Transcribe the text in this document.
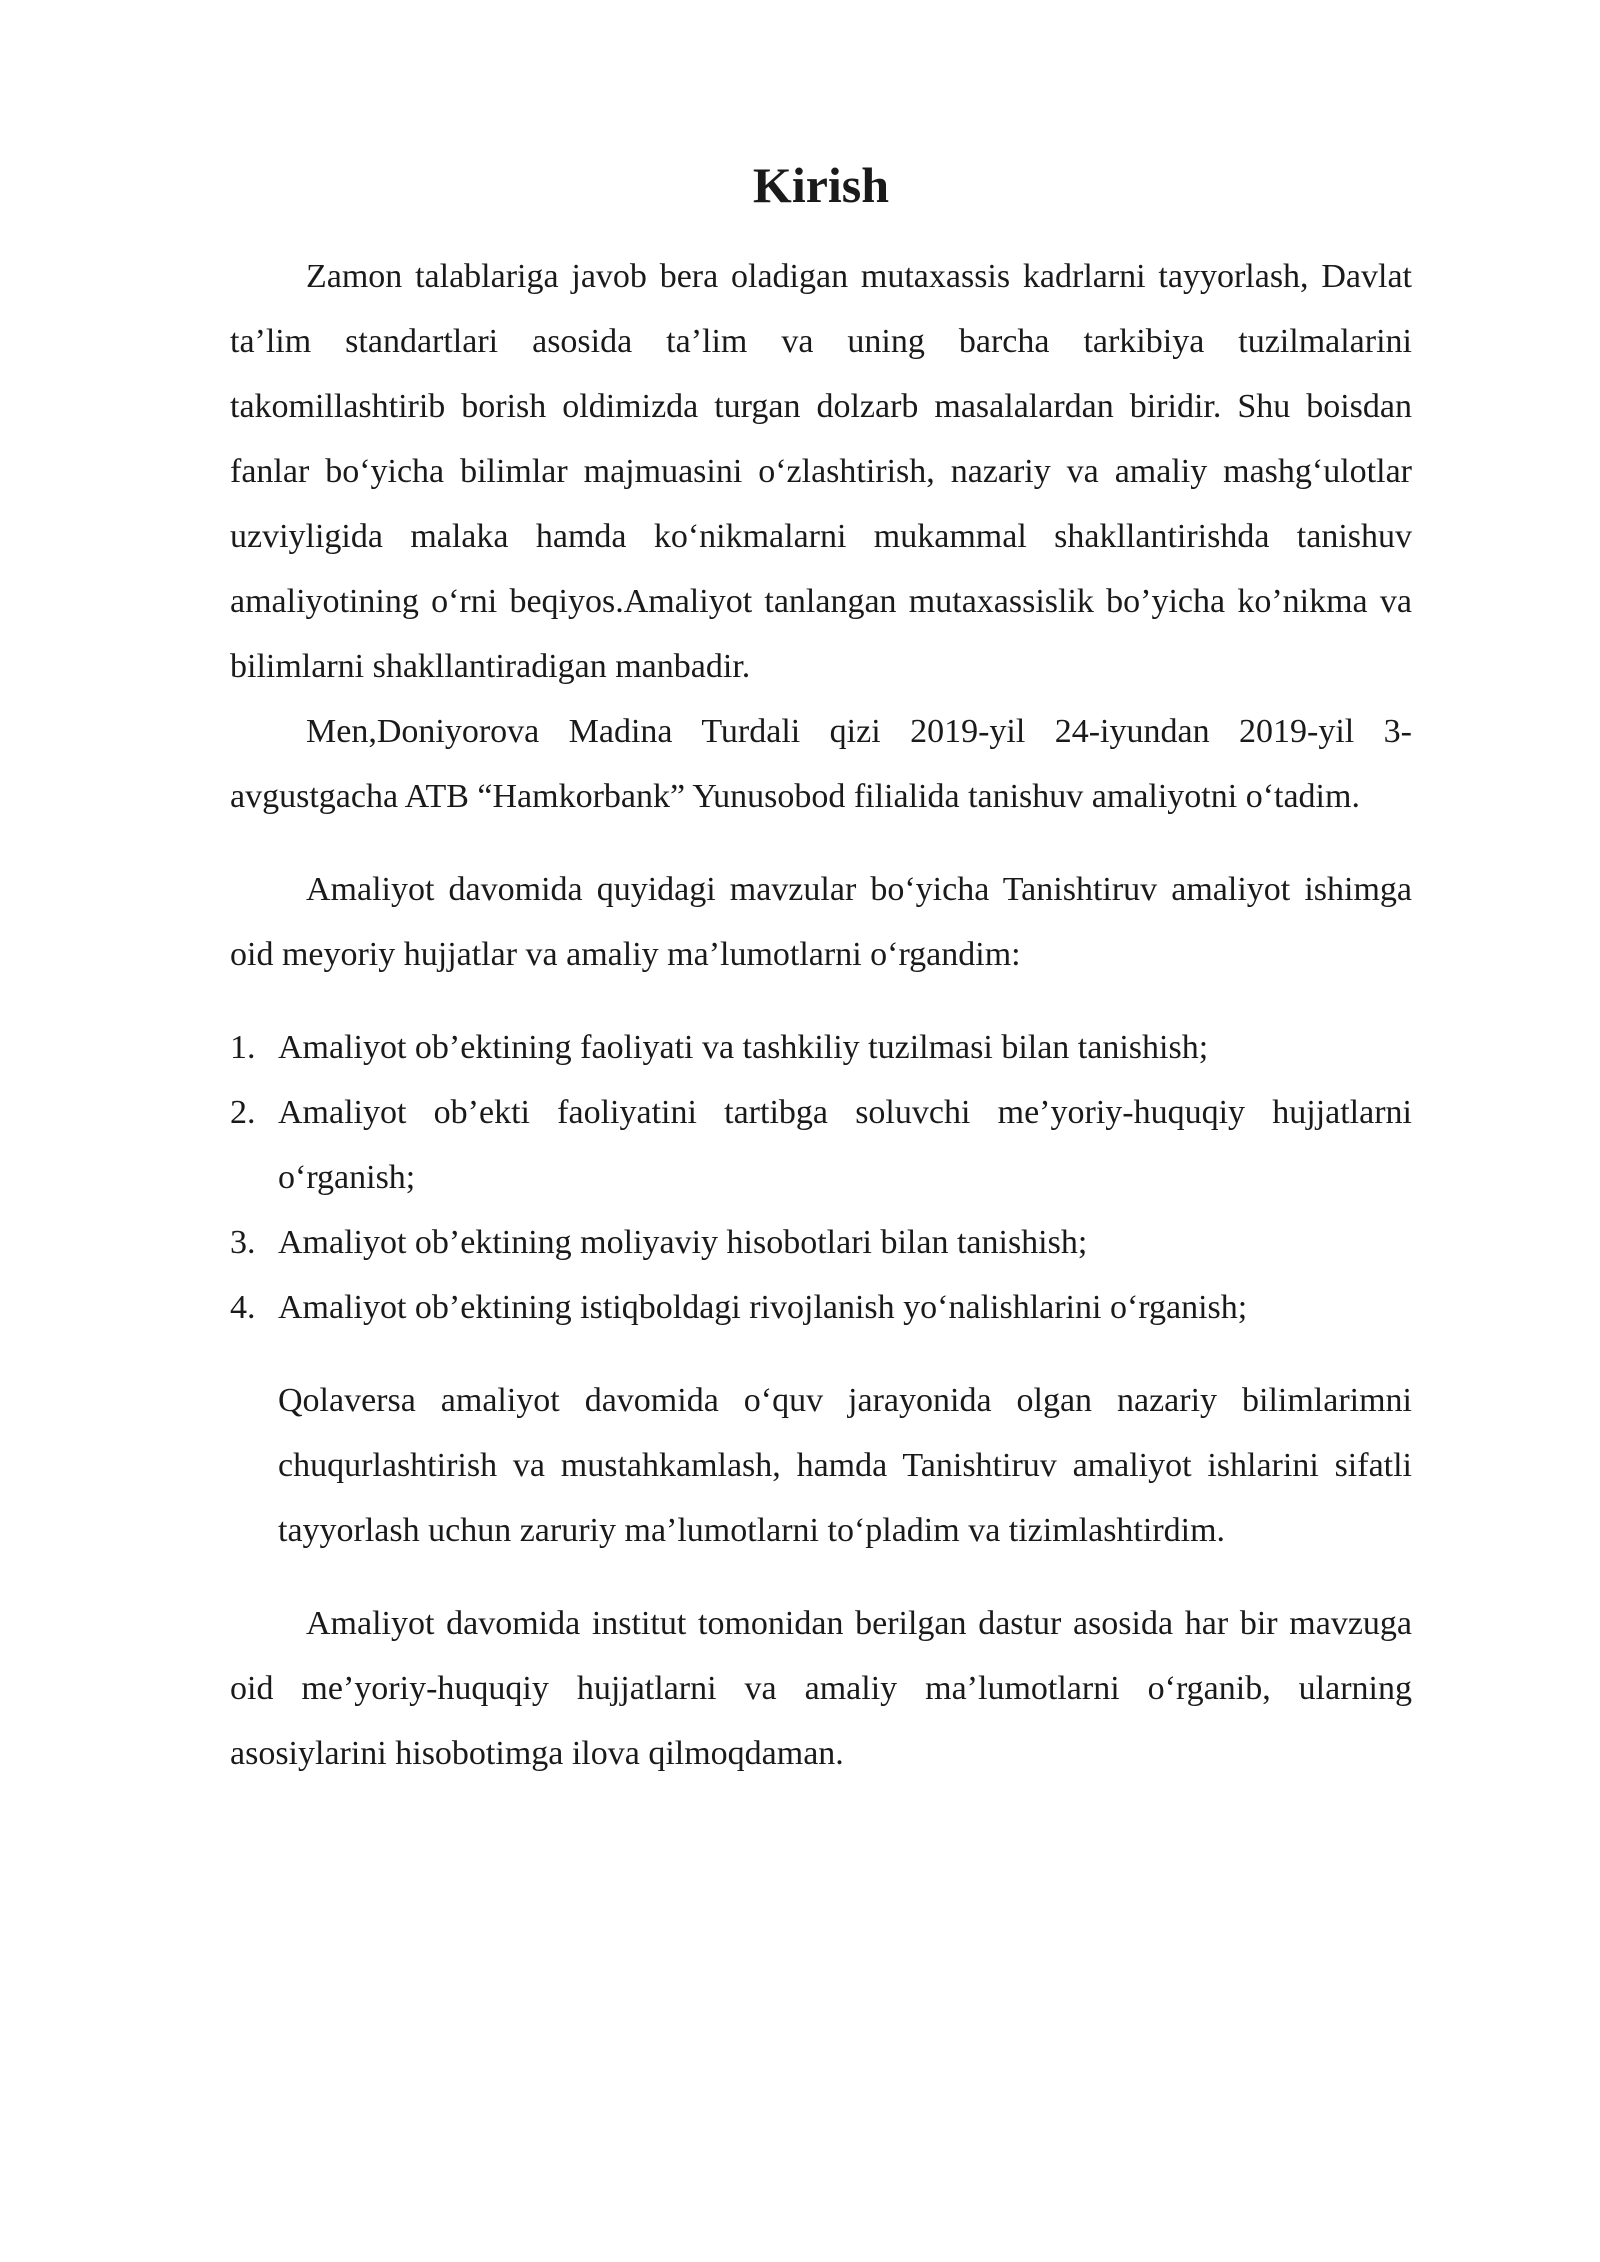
Kirish

Zamon talablariga javob bera oladigan mutaxassis kadrlarni tayyorlash, Davlat ta’lim standartlari asosida ta’lim va uning barcha tarkibiya tuzilmalarini takomillashtirib borish oldimizda turgan dolzarb masalalardan biridir. Shu boisdan fanlar bo‘yicha bilimlar majmuasini o‘zlashtirish, nazariy va amaliy mashg‘ulotlar uzviyligida malaka hamda ko‘nikmalarni mukammal shakllantirishda tanishuv amaliyotining o‘rni beqiyos.Amaliyot tanlangan mutaxassislik bo’yicha ko’nikma va bilimlarni shakllantiradigan manbadir.

Men,Doniyorova Madina Turdali qizi 2019-yil 24-iyundan 2019-yil 3-avgustgacha ATB “Hamkorbank” Yunusobod filialida tanishuv amaliyotni o‘tadim.

Amaliyot davomida quyidagi mavzular bo‘yicha Tanishtiruv amaliyot ishimga oid meyoriy hujjatlar va amaliy ma’lumotlarni o‘rgandim:

1. Amaliyot ob’ektining faoliyati va tashkiliy tuzilmasi bilan tanishish;
2. Amaliyot ob’ekti faoliyatini tartibga soluvchi me’yoriy-huquqiy hujjatlarni o‘rganish;
3. Amaliyot ob’ektining moliyaviy hisobotlari bilan tanishish;
4. Amaliyot ob’ektining istiqboldagi rivojlanish yo‘nalishlarini o‘rganish;

Qolaversa amaliyot davomida o‘quv jarayonida olgan nazariy bilimlarimni chuqurlashtirish va mustahkamlash, hamda Tanishtiruv amaliyot ishlarini sifatli tayyorlash uchun zaruriy ma’lumotlarni to‘pladim va tizimlashtirdim.

Amaliyot davomida institut tomonidan berilgan dastur asosida har bir mavzuga oid me’yoriy-huquqiy hujjatlarni va amaliy ma’lumotlarni o‘rganib, ularning asosiylarini hisobotimga ilova qilmoqdaman.
